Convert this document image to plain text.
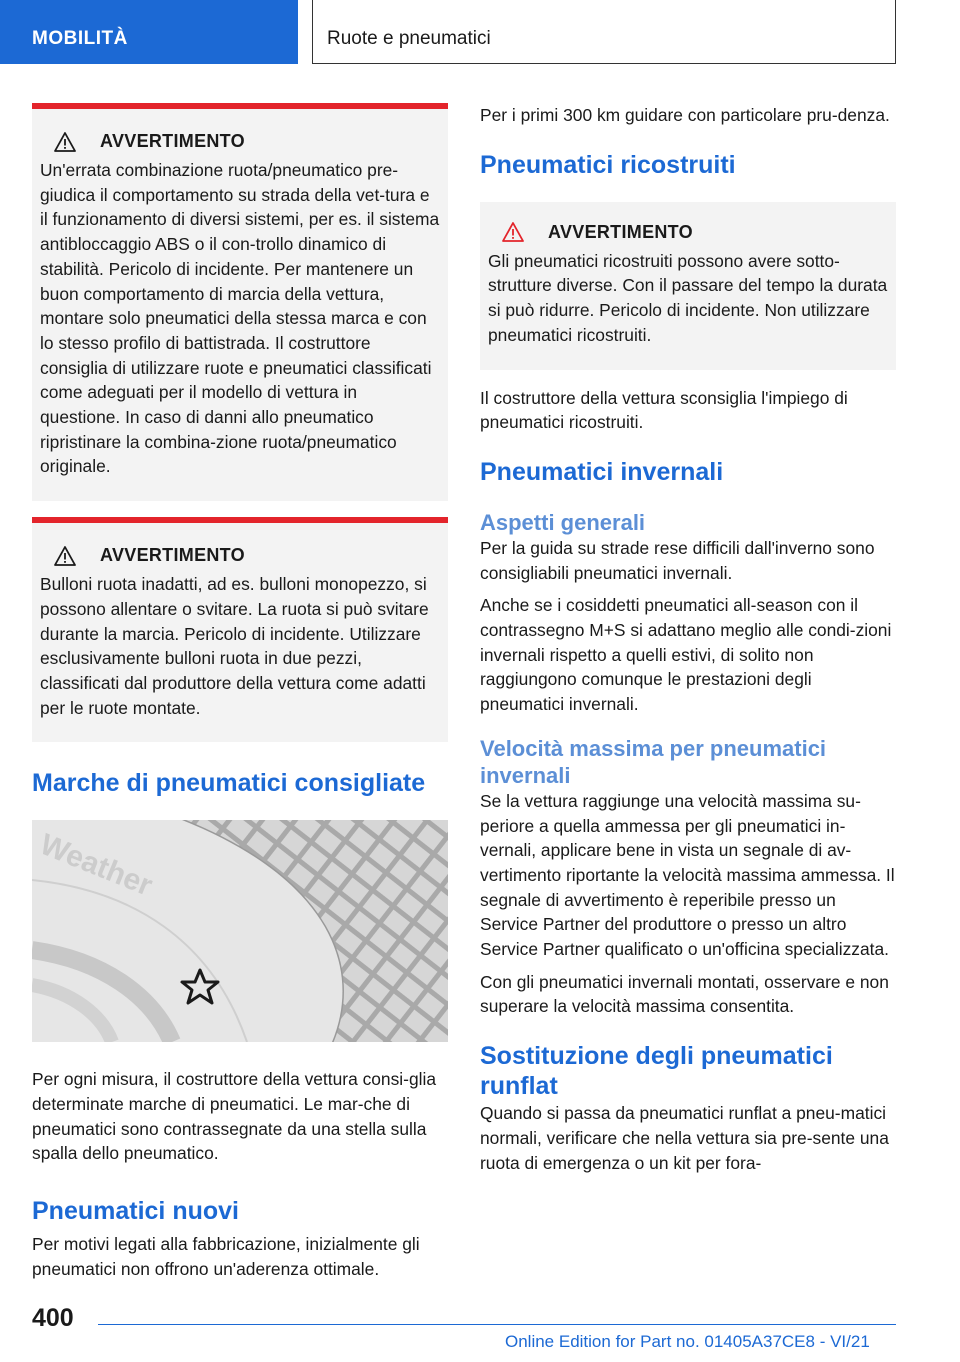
MOBILITÀ	Ruote e pneumatici
AVVERTIMENTO

Un'errata combinazione ruota/pneumatico pre-giudica il comportamento su strada della vet-tura e il funzionamento di diversi sistemi, per es. il sistema antibloccaggio ABS o il con-trollo dinamico di stabilità. Pericolo di incidente. Per mantenere un buon comportamento di marcia della vettura, montare solo pneumatici della stessa marca e con lo stesso profilo di battistrada. Il costruttore consiglia di utilizzare ruote e pneumatici classificati come adeguati per il modello di vettura in questione. In caso di danni allo pneumatico ripristinare la combina-zione ruota/pneumatico originale.

AVVERTIMENTO

Bulloni ruota inadatti, ad es. bulloni monopezzo, si possono allentare o svitare. La ruota si può svitare durante la marcia. Pericolo di incidente. Utilizzare esclusivamente bulloni ruota in due pezzi, classificati dal produttore della vettura come adatti per le ruote montate.

Marche di pneumatici consigliate
Weather

Per ogni misura, il costruttore della vettura consi-glia determinate marche di pneumatici. Le mar-che di pneumatici sono contrassegnate da una stella sulla spalla dello pneumatico.

Pneumatici nuovi

Per motivi legati alla fabbricazione, inizialmente gli pneumatici non offrono un'aderenza ottimale.

Per i primi 300 km guidare con particolare pru-denza.

Pneumatici ricostruiti
AVVERTIMENTO

Gli pneumatici ricostruiti possono avere sotto-strutture diverse. Con il passare del tempo la durata si può ridurre. Pericolo di incidente. Non utilizzare pneumatici ricostruiti.

Il costruttore della vettura sconsiglia l'impiego di pneumatici ricostruiti.

Pneumatici invernali
Aspetti generali

Per la guida su strade rese difficili dall'inverno sono consigliabili pneumatici invernali.

Anche se i cosiddetti pneumatici all-season con il contrassegno M+S si adattano meglio alle condi-zioni invernali rispetto a quelli estivi, di solito non raggiungono comunque le prestazioni degli pneumatici invernali.

Velocità massima per pneumatici invernali

Se la vettura raggiunge una velocità massima su-periore a quella ammessa per gli pneumatici in-vernali, applicare bene in vista un segnale di av-vertimento riportante la velocità massima ammessa. Il segnale di avvertimento è reperibile presso un Service Partner del produttore o presso un altro Service Partner qualificato o un'officina specializzata.

Con gli pneumatici invernali montati, osservare e non superare la velocità massima consentita.

Sostituzione degli pneumatici runflat

Quando si passa da pneumatici runflat a pneu-matici normali, verificare che nella vettura sia pre-sente una ruota di emergenza o un kit per fora-

400
Online Edition for Part no. 01405A37CE8 - VI/21
